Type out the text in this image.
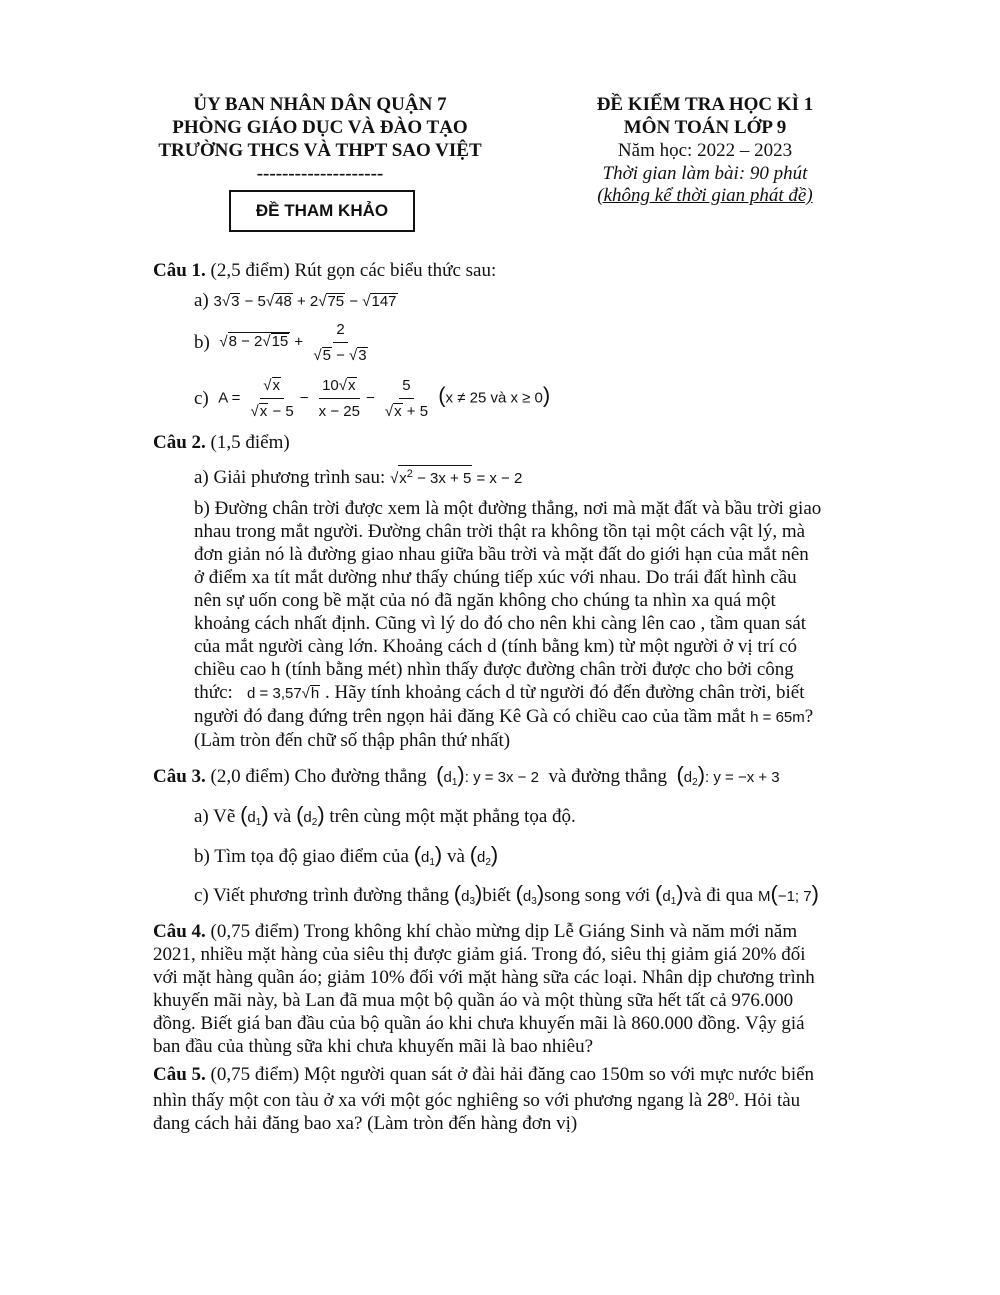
ỦY BAN NHÂN DÂN QUẬN 7
PHÒNG GIÁO DỤC VÀ ĐÀO TẠO
TRƯỜNG THCS VÀ THPT SAO VIỆT
--------------------
ĐỀ THAM KHẢO
ĐỀ KIỂM TRA HỌC KÌ 1
MÔN TOÁN LỚP 9
Năm học: 2022 – 2023
Thời gian làm bài: 90 phút
(không kể thời gian phát đề)
Câu 1. (2,5 điểm) Rút gọn các biểu thức sau:
a) 3√3 − 5√48 + 2√75 − √147
b)
$√8 - 2√15 + \frac{2}{√5 - √3}$
c)
$A = \frac{√x}{√x - 5} - \frac{10√x}{x - 25} - \frac{5}{√x + 5} (x \ne 25$ và x ≥ 0)
Câu 2. (1,5 điểm)
a) Giải phương trình sau: $√x^2 - 3x + 5 = x - 2$
b) Đường chân trời được xem là một đường thẳng, nơi mà mặt đất và bầu trời giao
nhau trong mắt người. Đường chân trời thật ra không tồn tại một cách vật lý, mà
đơn giản nó là đường giao nhau giữa bầu trời và mặt đất do giới hạn của mắt nên
ở điểm xa tít mắt dường như thấy chúng tiếp xúc với nhau. Do trái đất hình cầu
nên sự uốn cong bề mặt của nó đã ngăn không cho chúng ta nhìn xa quá một
khoảng cách nhất định. Cũng vì lý do đó cho nên khi càng lên cao , tầm quan sát
của mắt người càng lớn. Khoảng cách d (tính bằng km) từ một người ở vị trí có
chiều cao h (tính bằng mét) nhìn thấy được đường chân trời được cho bởi công
thức: d = 3,57√h . Hãy tính khoảng cách d từ người đó đến đường chân trời, biết
người đó đang đứng trên ngọn hải đăng Kê Gà có chiều cao của tầm mắt h = 65m?
(Làm tròn đến chữ số thập phân thứ nhất)
Câu 3. (2,0 điểm) Cho đường thẳng $(d_1)$: y = 3x − 2 và đường thẳng $(d_2)$: y = −x + 3
a) Vẽ $(d_1)$ và $(d_2)$ trên cùng một mặt phẳng tọa độ.
b) Tìm tọa độ giao điểm của $(d_1)$ và $(d_2)$
c) Viết phương trình đường thẳng $(d_3)biết$ $(d_3)song$ song với $(d_1)và$ đi qua M(−1; 7)
Câu 4. (0,75 điểm) Trong không khí chào mừng dịp Lễ Giáng Sinh và năm mới năm
2021, nhiều mặt hàng của siêu thị được giảm giá. Trong đó, siêu thị giảm giá 20% đối
với mặt hàng quần áo; giảm 10% đối với mặt hàng sữa các loại. Nhân dịp chương trình
khuyến mãi này, bà Lan đã mua một bộ quần áo và một thùng sữa hết tất cả 976.000
đồng. Biết giá ban đầu của bộ quần áo khi chưa khuyến mãi là 860.000 đồng. Vậy giá
ban đầu của thùng sữa khi chưa khuyến mãi là bao nhiêu?
Câu 5. (0,75 điểm) Một người quan sát ở đài hải đăng cao 150m so với mực nước biển
nhìn thấy một con tàu ở xa với một góc nghiêng so với phương ngang là $28^0$. Hỏi tàu
đang cách hải đăng bao xa? (Làm tròn đến hàng đơn vị)
